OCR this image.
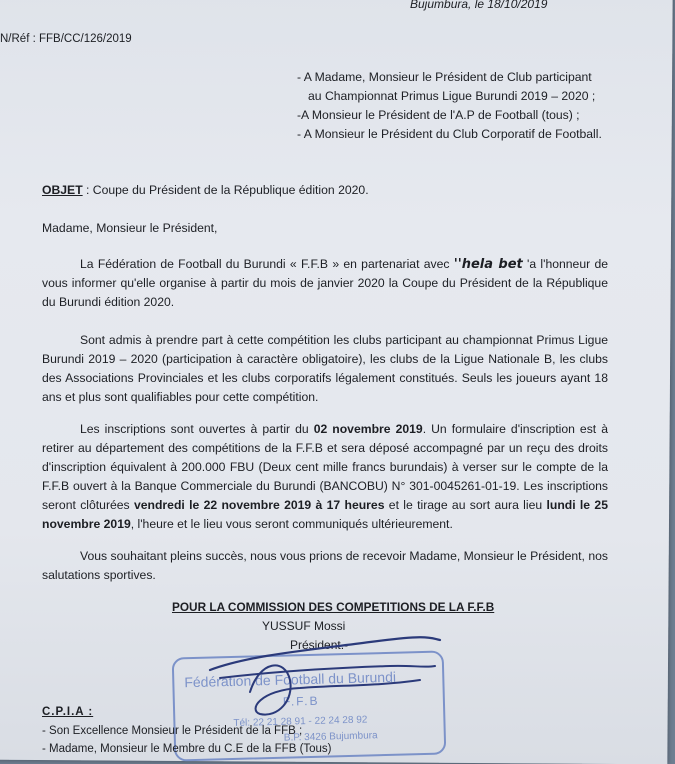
Bujumbura, le 18/10/2019
N/Réf : FFB/CC/126/2019
- A Madame, Monsieur le Président de Club participant
au Championnat Primus Ligue Burundi 2019 – 2020 ;
-A Monsieur le Président de l'A.P de Football (tous) ;
- A Monsieur le Président du Club Corporatif de Football.
OBJET : Coupe du Président de la République édition 2020.
Madame, Monsieur le Président,
La Fédération de Football du Burundi « F.F.B » en partenariat avec ''hela bet 'a l'honneur de vous informer qu'elle organise à partir du mois de janvier 2020 la Coupe du Président de la République du Burundi édition 2020.
Sont admis à prendre part à cette compétition les clubs participant au championnat Primus Ligue Burundi 2019 – 2020 (participation à caractère obligatoire), les clubs de la Ligue Nationale B, les clubs des Associations Provinciales et les clubs corporatifs légalement constitués. Seuls les joueurs ayant 18 ans et plus sont qualifiables pour cette compétition.
Les inscriptions sont ouvertes à partir du 02 novembre 2019. Un formulaire d'inscription est à retirer au département des compétitions de la F.F.B et sera déposé accompagné par un reçu des droits d'inscription équivalent à 200.000 FBU (Deux cent mille francs burundais) à verser sur le compte de la F.F.B ouvert à la Banque Commerciale du Burundi (BANCOBU) N° 301-0045261-01-19. Les inscriptions seront clôturées vendredi le 22 novembre 2019 à 17 heures et le tirage au sort aura lieu lundi le 25 novembre 2019, l'heure et le lieu vous seront communiqués ultérieurement.
Vous souhaitant pleins succès, nous vous prions de recevoir Madame, Monsieur le Président, nos salutations sportives.
POUR LA COMMISSION DES COMPETITIONS DE LA F.F.B
YUSSUF Mossi
Président.-
Fédération de Football du Burundi
F.F.B
Tél: 22 21 28 91 - 22 24 28 92
B.P. 3426 Bujumbura
C.P.I.A :
- Son Excellence Monsieur le Président de la FFB ;
- Madame, Monsieur le Membre du C.E de la FFB (Tous)
